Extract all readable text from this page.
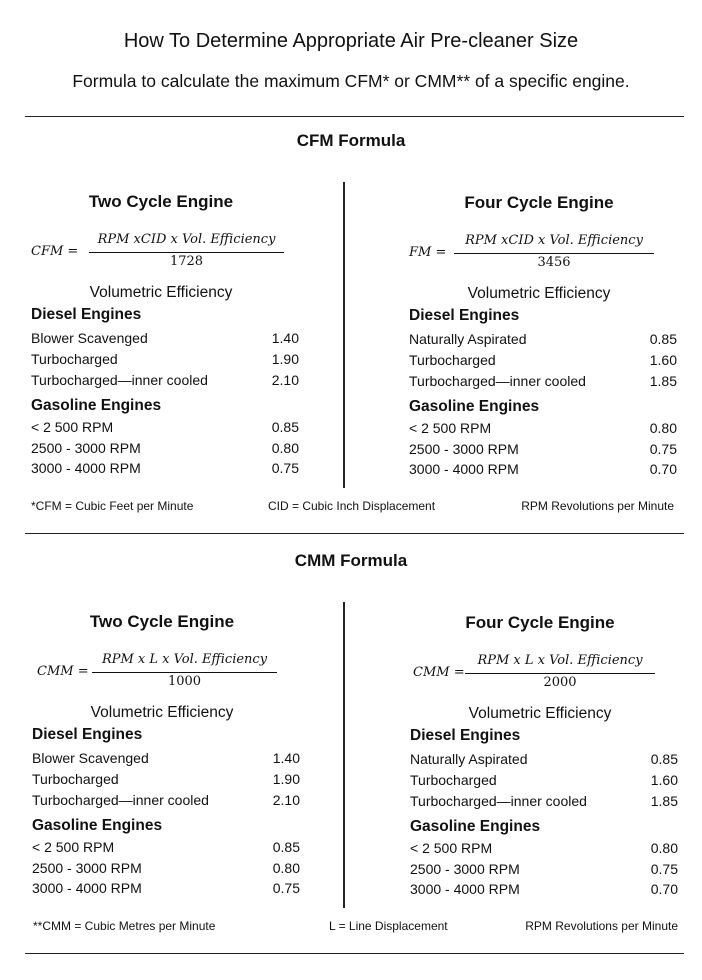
How To Determine Appropriate Air Pre-cleaner Size
Formula to calculate the maximum CFM* or CMM** of a specific engine.
CFM Formula
Two Cycle Engine
CFM =
RPM xCID x Vol. Efficiency
1728
Volumetric Efficiency
Diesel Engines
Blower Scavenged	1.40
Turbocharged	1.90
Turbocharged—inner cooled	2.10
Gasoline Engines
< 2 500 RPM	0.85
2500 - 3000 RPM	0.80
3000 - 4000 RPM	0.75
Four Cycle Engine
FM =
RPM xCID x Vol. Efficiency
3456
Volumetric Efficiency
Diesel Engines
Naturally Aspirated	0.85
Turbocharged	1.60
Turbocharged—inner cooled	1.85
Gasoline Engines
< 2 500 RPM	0.80
2500 - 3000 RPM	0.75
3000 - 4000 RPM	0.70
*CFM = Cubic Feet per Minute	CID = Cubic Inch Displacement	RPM Revolutions per Minute
CMM Formula
Two Cycle Engine
CMM =
RPM x L x Vol. Efficiency
1000
Volumetric Efficiency
Diesel Engines
Blower Scavenged	1.40
Turbocharged	1.90
Turbocharged—inner cooled	2.10
Gasoline Engines
< 2 500 RPM	0.85
2500 - 3000 RPM	0.80
3000 - 4000 RPM	0.75
Four Cycle Engine
CMM =
RPM x L x Vol. Efficiency
2000
Volumetric Efficiency
Diesel Engines
Naturally Aspirated	0.85
Turbocharged	1.60
Turbocharged—inner cooled	1.85
Gasoline Engines
< 2 500 RPM	0.80
2500 - 3000 RPM	0.75
3000 - 4000 RPM	0.70
**CMM = Cubic Metres per Minute	L = Line Displacement	RPM Revolutions per Minute
